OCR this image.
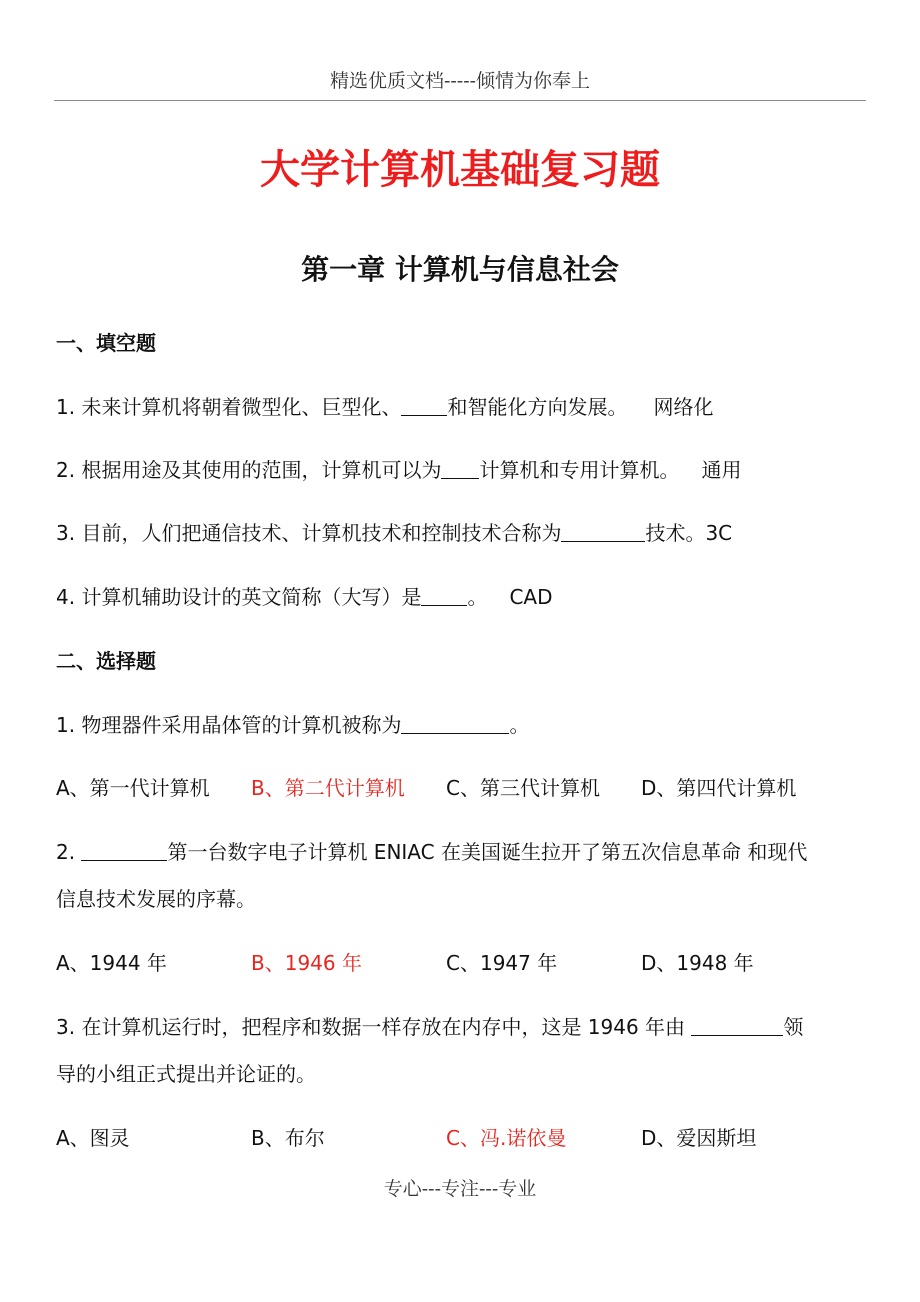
精选优质文档-----倾情为你奉上
大学计算机基础复习题
第一章 计算机与信息社会
一、填空题
1. 未来计算机将朝着微型化、巨型化、 和智能化方向发展。 网络化
2. 根据用途及其使用的范围，计算机可以为 计算机和专用计算机。 通用
3. 目前，人们把通信技术、计算机技术和控制技术合称为	技术。3C
4. 计算机辅助设计的英文简称（大写）是 。 CAD
二、选择题
1. 物理器件采用晶体管的计算机被称为	。
A、第一代计算机 B、第二代计算机 C、第三代计算机 D、第四代计算机
2.	第一台数字电子计算机 ENIAC 在美国诞生拉开了第五次信息革命 和现代
信息技术发展的序幕。
A、1944 年	B、1946 年	C、1947 年	D、1948 年
3. 在计算机运行时，把程序和数据一样存放在内存中，这是 1946 年由	领
导的小组正式提出并论证的。
A、图灵	B、布尔	C、冯.诺依曼	D、爱因斯坦
专心---专注---专业
